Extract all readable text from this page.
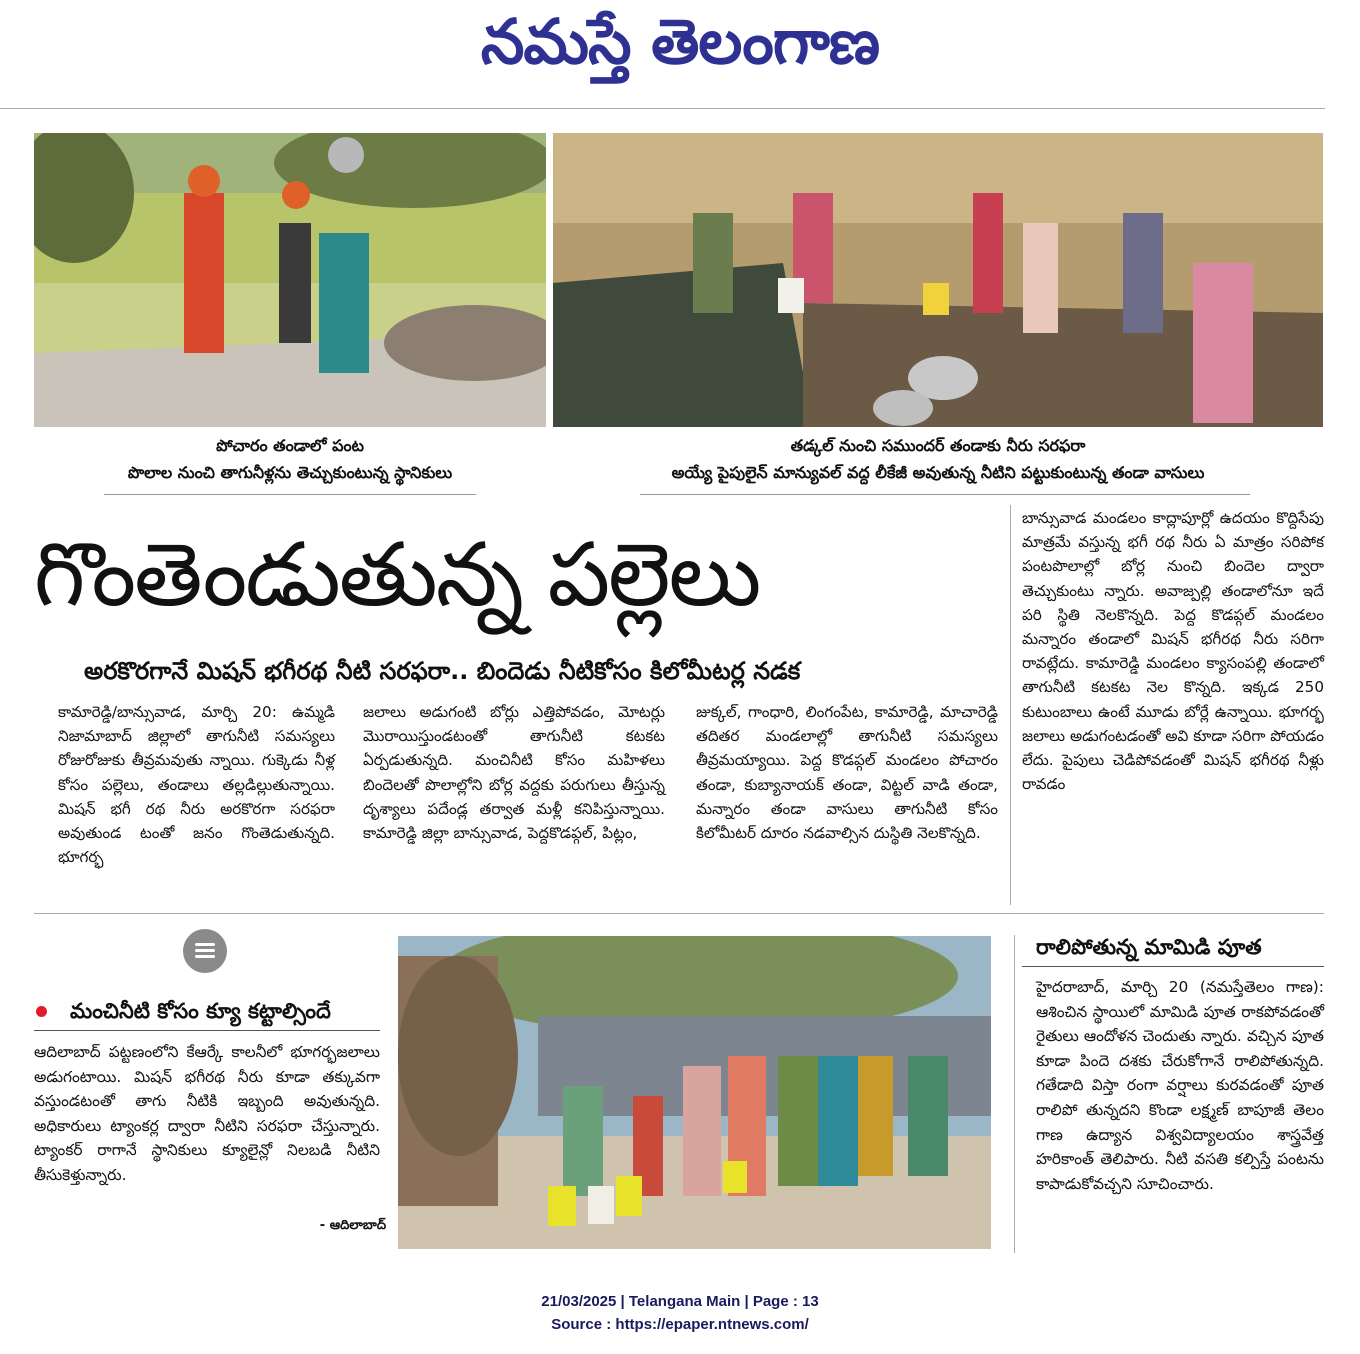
నమస్తే తెలంగాణ
పోచారం తండాలో పంట
పొలాల నుంచి తాగునీళ్లను తెచ్చుకుంటున్న స్థానికులు
తడ్కల్ నుంచి సముందర్ తండాకు నీరు సరఫరా
అయ్యే పైపులైన్ మాన్యువల్ వద్ద లీకేజీ అవుతున్న నీటిని పట్టుకుంటున్న తండా వాసులు
గొంతెండుతున్న పల్లెలు
అరకొరగానే మిషన్ భగీరథ నీటి సరఫరా.. బిందెడు నీటికోసం కిలోమీటర్ల నడక

కామారెడ్డి/బాన్సువాడ, మార్చి 20: ఉమ్మడి నిజామాబాద్ జిల్లాలో తాగునీటి సమస్యలు రోజురోజుకు తీవ్రమవుతు న్నాయి. గుక్కెడు నీళ్ల కోసం పల్లెలు, తండాలు తల్లడిల్లుతున్నాయి. మిషన్ భగీ రథ నీరు అరకొరగా సరఫరా అవుతుండ టంతో జనం గొంతెడుతున్నది. భూగర్భ

జలాలు అడుగంటి బోర్లు ఎత్తిపోవడం, మోటర్లు మొరాయిస్తుండటంతో తాగునీటి కటకట ఏర్పడుతున్నది. మంచినీటి కోసం మహిళలు బిందెలతో పొలాల్లోని బోర్ల వద్దకు పరుగులు తీస్తున్న దృశ్యాలు పదేండ్ల తర్వాత మళ్లీ కనిపిస్తున్నాయి. కామారెడ్డి జిల్లా బాన్సువాడ, పెద్దకొడప్గల్, పిట్లం,

జుక్కల్, గాంధారి, లింగంపేట, కామారెడ్డి, మాచారెడ్డి తదితర మండలాల్లో తాగునీటి సమస్యలు తీవ్రమయ్యాయి. పెద్ద కొడప్గల్ మండలం పోచారం తండా, కుబ్యానాయక్ తండా, విట్టల్ వాడి తండా, మన్నారం తండా వాసులు తాగునీటి కోసం కిలోమీటర్ దూరం నడవాల్సిన దుస్థితి నెలకొన్నది.

బాన్సువాడ మండలం కాద్లాపూర్లో ఉదయం కొద్దిసేపు మాత్రమే వస్తున్న భగీ రథ నీరు ఏ మాత్రం సరిపోక పంటపొలాల్లో బోర్ల నుంచి బిందెల ద్వారా తెచ్చుకుంటు న్నారు. అవాజ్పల్లి తండాలోనూ ఇదే పరి స్థితి నెలకొన్నది. పెద్ద కొడప్గల్ మండలం మన్నారం తండాలో మిషన్ భగీరథ నీరు సరిగా రావట్లేదు. కామారెడ్డి మండలం క్యాసంపల్లి తండాలో తాగునీటి కటకట నెల కొన్నది. ఇక్కడ 250 కుటుంబాలు ఉంటే మూడు బోర్లే ఉన్నాయి. భూగర్భ జలాలు అడుగంటడంతో అవి కూడా సరిగా పోయడం లేదు. పైపులు చెడిపోవడంతో మిషన్ భగీరథ నీళ్లు రావడం

మంచినీటి కోసం క్యూ కట్టాల్సిందే

ఆదిలాబాద్ పట్టణంలోని కేఆర్కే కాలనీలో భూగర్భజలాలు అడుగంటాయి. మిషన్ భగీరథ నీరు కూడా తక్కువగా వస్తుండటంతో తాగు నీటికి ఇబ్బంది అవుతున్నది. అధికారులు ట్యాంకర్ల ద్వారా నీటిని సరఫరా చేస్తున్నారు. ట్యాంకర్ రాగానే స్థానికులు క్యూలైన్లో నిలబడి నీటిని తీసుకెళ్తున్నారు.

- ఆదిలాబాద్
రాలిపోతున్న మామిడి పూత

హైదరాబాద్, మార్చి 20 (నమస్తేతెలం గాణ): ఆశించిన స్థాయిలో మామిడి పూత రాకపోవడంతో రైతులు ఆందోళన చెందుతు న్నారు. వచ్చిన పూత కూడా పిందె దశకు చేరుకోగానే రాలిపోతున్నది. గతేడాది విస్తా రంగా వర్షాలు కురవడంతో పూత రాలిపో తున్నదని కొండా లక్ష్మణ్ బాపూజీ తెలం గాణ ఉద్యాన విశ్వవిద్యాలయం శాస్త్రవేత్త హరికాంత్ తెలిపారు. నీటి వసతి కల్పిస్తే పంటను కాపాడుకోవచ్చని సూచించారు.

21/03/2025 | Telangana Main | Page : 13
Source : https://epaper.ntnews.com/
